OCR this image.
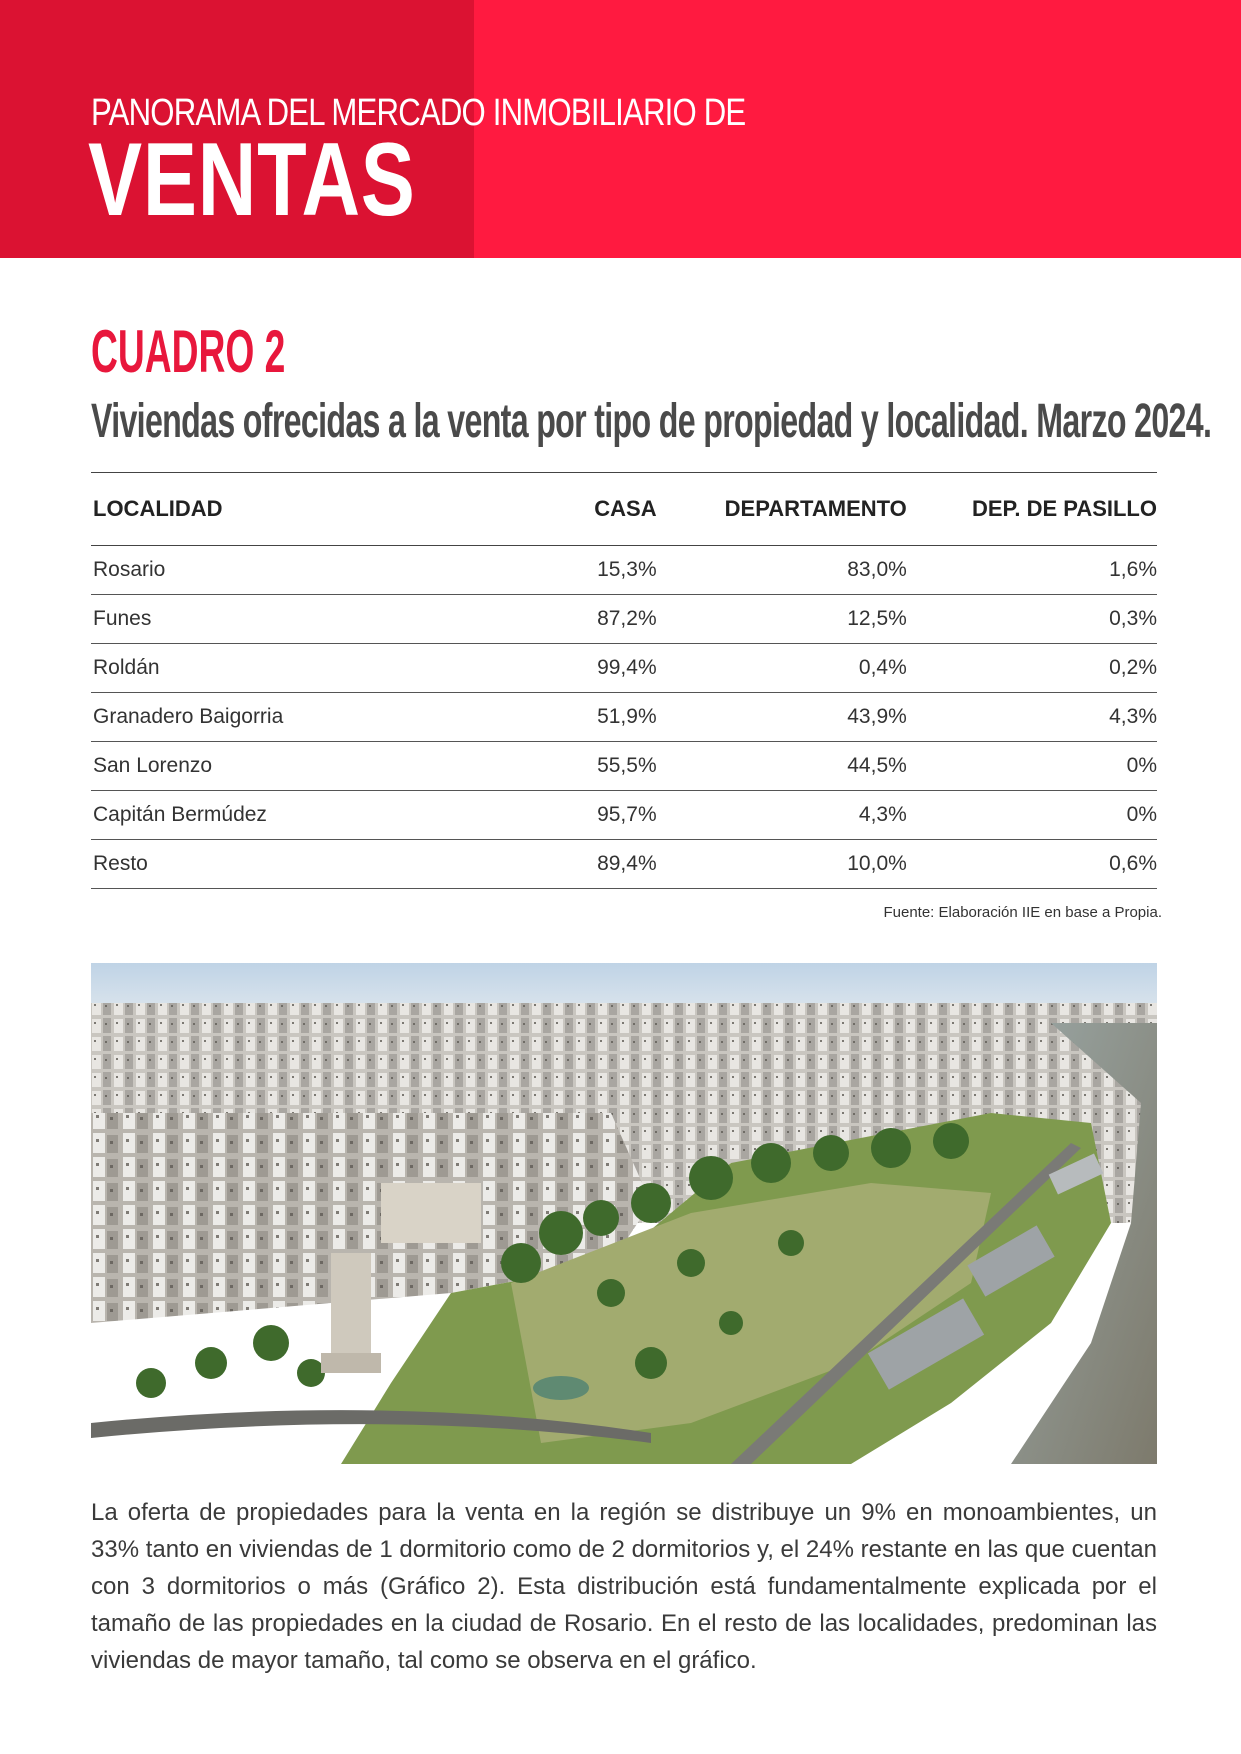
PANORAMA DEL MERCADO INMOBILIARIO DE

VENTAS
CUADRO 2
Viviendas ofrecidas a la venta por tipo de propiedad y localidad. Marzo 2024.
LOCALIDAD	CASA	DEPARTAMENTO	DEP. DE PASILLO
Rosario	15,3%	83,0%	1,6%
Funes	87,2%	12,5%	0,3%
Roldán	99,4%	0,4%	0,2%
Granadero Baigorria	51,9%	43,9%	4,3%
San Lorenzo	55,5%	44,5%	0%
Capitán Bermúdez	95,7%	4,3%	0%
Resto	89,4%	10,0%	0,6%

Fuente: Elaboración IIE en base a Propia.

La oferta de propiedades para la venta en la región se distribuye un 9% en monoambientes, un 33% tanto en viviendas de 1 dormitorio como de 2 dormitorios y, el 24% restante en las que cuentan con 3 dormitorios o más (Gráfico 2). Esta distribución está fundamentalmente explicada por el tamaño de las propiedades en la ciudad de Rosario. En el resto de las localidades, predominan las viviendas de mayor tamaño, tal como se observa en el gráfico.
